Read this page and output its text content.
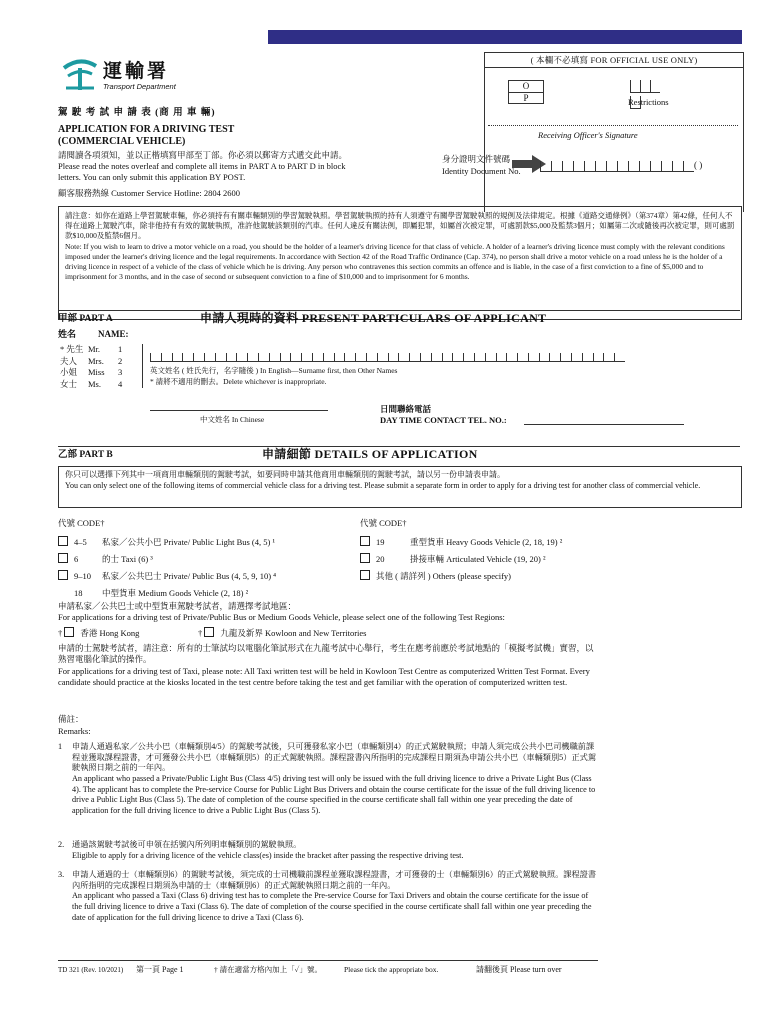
( 本欄不必填寫 FOR OFFICIAL USE ONLY)
O
P	Restrictions
Receiving Officer's Signature
運輸署
Transport Department
駕 駛 考 試 申 請 表 (商 用 車 輛)
APPLICATION FOR A DRIVING TEST
(COMMERCIAL VEHICLE)
請閱讀各項須知，並以正楷填寫甲部至丁部。你必須以郵寄方式遞交此申請。
Please read the notes overleaf and complete all items in PART A to PART D in block
letters. You can only submit this application BY POST.
顧客服務熱線 Customer Service Hotline: 2804 2600
身分證明文件號碼
Identity Document No.
( )

請注意：如你在道路上學習駕駛車輛，你必須持有有關車輛類別的學習駕駛執照。學習駕駛執照的持有人須遵守有關學習駕駛執照的規例及法律規定。根據《道路交通條例》（第374章）第42條，任何人不得在道路上駕駛汽車，除非他持有有效的駕駛執照，准許他駕駛該類別的汽車。任何人違反有關法例，即屬犯罪，如屬首次被定罪，可處罰款$5,000及監禁3個月；如屬第二次或隨後再次被定罪，則可處罰款$10,000及監禁6個月。

Note: If you wish to learn to drive a motor vehicle on a road, you should be the holder of a learner's driving licence for that class of vehicle. A holder of a learner's driving licence must comply with the relevant conditions imposed under the learner's driving licence and the legal requirements. In accordance with Section 42 of the Road Traffic Ordinance (Cap. 374), no person shall drive a motor vehicle on a road unless he is the holder of a driving licence in respect of a vehicle of the class of vehicle which he is driving. Any person who contravenes this section commits an offence and is liable, in the case of a first conviction to a fine of $5,000 and to imprisonment for 3 months, and in the case of second or subsequent conviction to a fine of $10,000 and to imprisonment for 6 months.

甲部 PART A	申請人現時的資料 PRESENT PARTICULARS OF APPLICANT
姓名 NAME:
* 先生 Mr. 1
夫人 Mrs. 2
小姐 Miss 3
女士 Ms. 4
英文姓名 ( 姓氏先行，名字隨後 ) In English—Surname first, then Other Names
* 請將不適用的刪去。Delete whichever is inappropriate.
中文姓名 In Chinese
日間聯絡電話
DAY TIME CONTACT TEL. NO.:
乙部 PART B	申請細節 DETAILS OF APPLICATION

你只可以選擇下列其中一項商用車輛類別的駕駛考試，如要同時申請其他商用車輛類別的駕駛考試，請以另一份申請表申請。

You can only select one of the following items of commercial vehicle class for a driving test. Please submit a separate form in order to apply for a driving test for another class of commercial vehicle.

代號 CODE†	代號 CODE†
4–5 私家／公共小巴 Private/ Public Light Bus (4, 5) ¹
6	的士 Taxi (6) ³
9–10 私家／公共巴士 Private/ Public Bus (4, 5, 9, 10) ⁴
18 中型貨車 Medium Goods Vehicle (2, 18) ²
19	重型貨車 Heavy Goods Vehicle (2, 18, 19) ²
20	掛接車輛 Articulated Vehicle (19, 20) ²
其他 ( 請詳列 ) Others (please specify)
申請私家／公共巴士或中型貨車駕駛考試者，請選擇考試地區：
For applications for a driving test of Private/Public Bus or Medium Goods Vehicle, please select one of the following Test Regions:
† 香港 Hong Kong	† 九龍及新界 Kowloon and New Territories
申請的士駕駛考試者，請注意：所有的士筆試均以電腦化筆試形式在九龍考試中心舉行，考生在應考前應於考試地點的「模擬考試機」實習，以熟習電腦化筆試的操作。
For applications for a driving test of Taxi, please note: All Taxi written test will be held in Kowloon Test Centre as computerized Written Test Format. Every candidate should practice at the kiosks located in the test centre before taking the test and get familiar with the operation of computerized written test.
備註：
Remarks:
1 申請人通過私家／公共小巴（車輛類別4/5）的駕駛考試後，只可獲發私家小巴（車輛類別4）的正式駕駛執照；申請人須完成公共小巴司機職前課程並獲取課程證書，才可獲發公共小巴（車輛類別5）的正式駕駛執照。課程證書內所指明的完成課程日期須為申請公共小巴（車輛類別5）正式駕駛執照日期之前的一年內。

An applicant who passed a Private/Public Light Bus (Class 4/5) driving test will only be issued with the full driving licence to drive a Private Light Bus (Class 4). The applicant has to complete the Pre-service Course for Public Light Bus Drivers and obtain the course certificate for the issue of the full driving licence to drive a Public Light Bus (Class 5). The date of completion of the course specified in the course certificate shall fall within one year preceding the date of application for the full driving licence to drive a Public Light Bus (Class 5).

2. 通過該駕駛考試後可申領在括號內所列明車輛類別的駕駛執照。

Eligible to apply for a driving licence of the vehicle class(es) inside the bracket after passing the respective driving test.

3. 申請人通過的士（車輛類別6）的駕駛考試後，須完成的士司機職前課程並獲取課程證書，才可獲發的士（車輛類別6）的正式駕駛執照。課程證書內所指明的完成課程日期須為申請的士（車輛類別6）的正式駕駛執照日期之前的一年內。

An applicant who passed a Taxi (Class 6) driving test has to complete the Pre-service Course for Taxi Drivers and obtain the course certificate for the issue of the full driving licence to drive a Taxi (Class 6). The date of completion of the course specified in the course certificate shall fall within one year preceding the date of application for the full driving licence to drive a Taxi (Class 6).

TD 321 (Rev. 10/2021) 第一頁 Page 1	† 請在適當方格內加上「✓」號。	Please tick the appropriate box.	請翻後頁 Please turn over
